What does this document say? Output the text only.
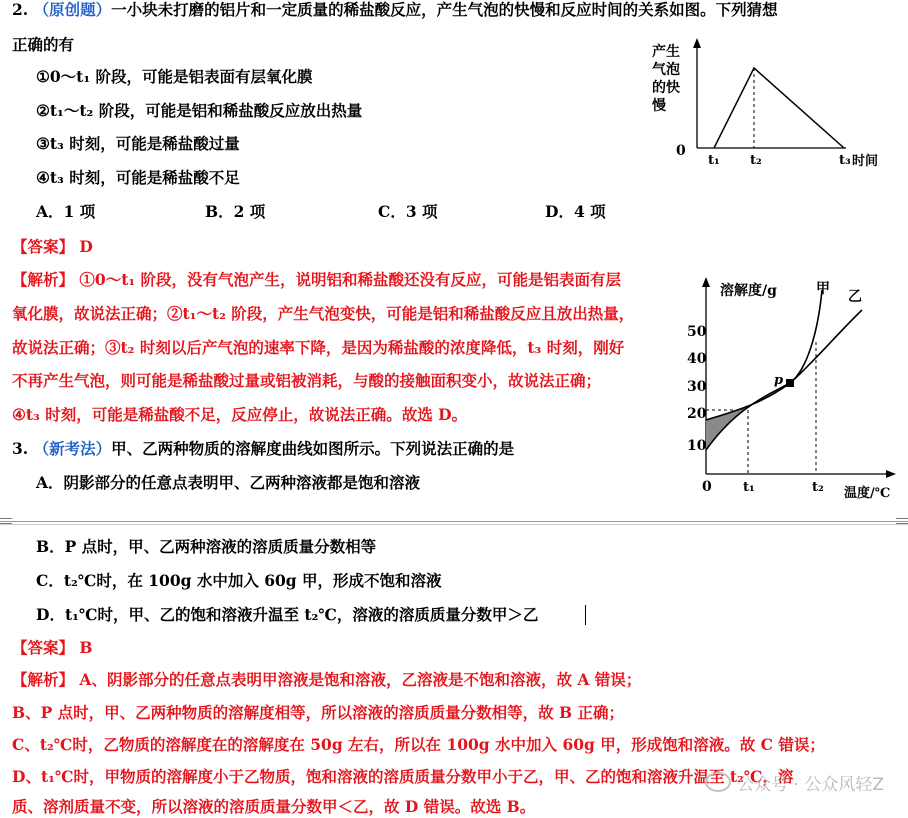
2. （原创题）一小块未打磨的铝片和一定质量的稀盐酸反应，产生气泡的快慢和反应时间的关系如图。下列猜想
正确的有
①0～t₁ 阶段，可能是铝表面有层氧化膜
②t₁～t₂ 阶段，可能是铝和稀盐酸反应放出热量
③t₃ 时刻，可能是稀盐酸过量
④t₃ 时刻，可能是稀盐酸不足
A．1 项	B．2 项	C．3 项	D．4 项
【答案】 D
【解析】 ①0～t₁ 阶段，没有气泡产生，说明铝和稀盐酸还没有反应，可能是铝表面有层
氧化膜，故说法正确；②t₁～t₂ 阶段，产生气泡变快，可能是铝和稀盐酸反应且放出热量，
故说法正确；③t₂ 时刻以后产气泡的速率下降，是因为稀盐酸的浓度降低，t₃ 时刻，刚好
不再产生气泡，则可能是稀盐酸过量或铝被消耗，与酸的接触面积变小，故说法正确；
④t₃ 时刻，可能是稀盐酸不足，反应停止，故说法正确。故选 D。
产生
气泡
的快
慢
0
t₁ t₂	t₃ 时间
3. （新考法）甲、乙两种物质的溶解度曲线如图所示。下列说法正确的是
A．阴影部分的任意点表明甲、乙两种溶液都是饱和溶液
溶解度/g	甲 乙
50
40
30
20
10
0
p
t₁	t₂ 温度/℃
B．P 点时，甲、乙两种溶液的溶质质量分数相等
C．t₂℃时，在 100g 水中加入 60g 甲，形成不饱和溶液
D．t₁℃时，甲、乙的饱和溶液升温至 t₂℃，溶液的溶质质量分数甲＞乙
【答案】 B
【解析】 A、阴影部分的任意点表明甲溶液是饱和溶液，乙溶液是不饱和溶液，故 A 错误；
B、P 点时，甲、乙两种物质的溶解度相等，所以溶液的溶质质量分数相等，故 B 正确；
C、t₂℃时，乙物质的溶解度在的溶解度在 50g 左右，所以在 100g 水中加入 60g 甲，形成饱和溶液。故 C 错误；
D、t₁℃时，甲物质的溶解度小于乙物质，饱和溶液的溶质质量分数甲小于乙，甲、乙的饱和溶液升温至 t₂℃，溶
质、溶剂质量不变，所以溶液的溶质质量分数甲＜乙，故 D 错误。故选 B。
公众号 · 公众风轻Z
